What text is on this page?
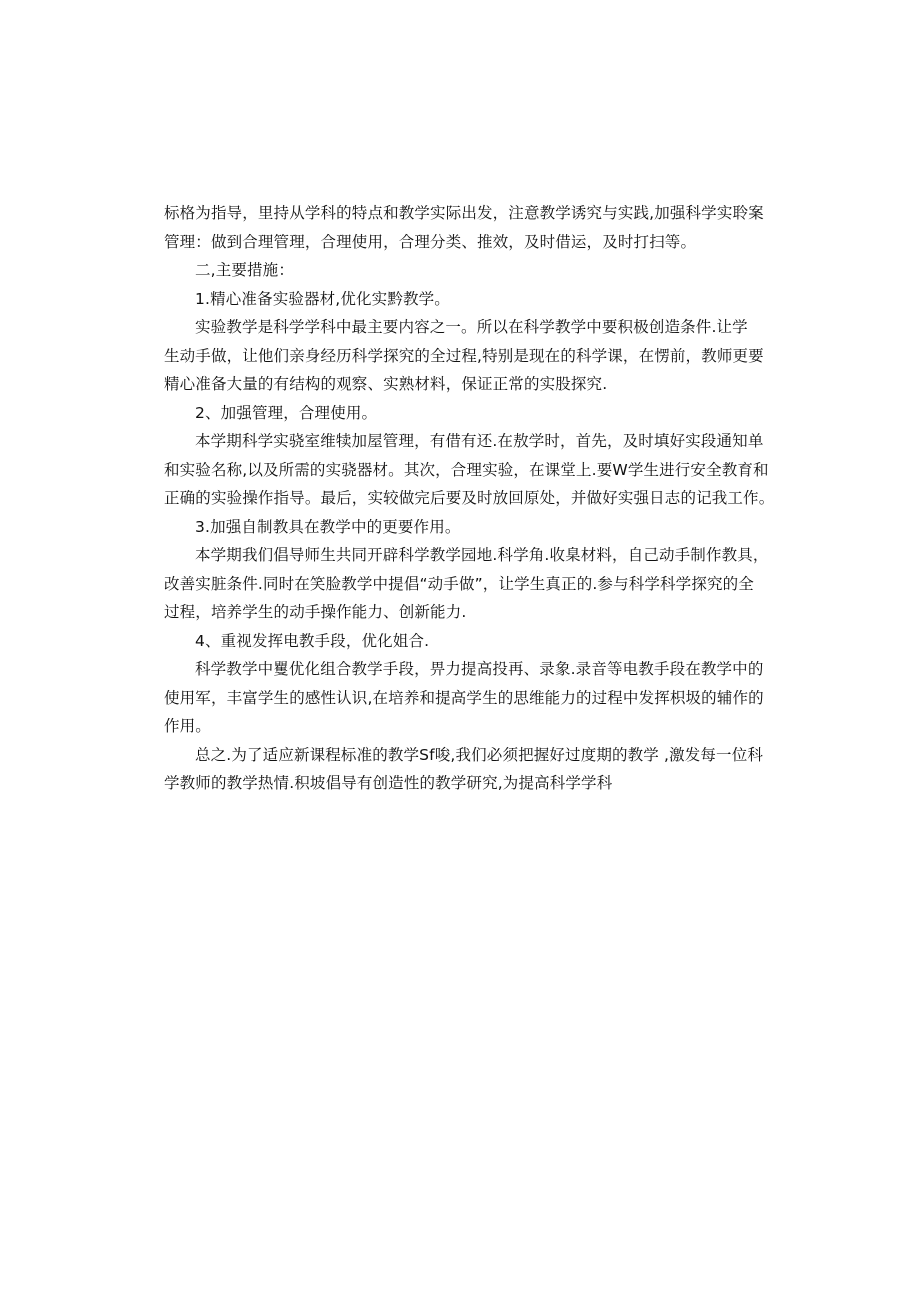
标格为指导，里持从学科的特点和教学实际出发，注意教学诱究与实践,加强科学实聆案
管理：做到合理管理，合理使用，合理分类、推效，及时借运，及时打扫等。

二,主要措施：

1.精心准备实验器材,优化实黔教学。

实验教学是科学学科中最主要内容之一。所以在科学教学中要积极创造条件.让学
生动手做，让他们亲身经历科学探究的全过程,特别是现在的科学课，在愣前，教师更要
精心准备大量的有结构的观察、实熟材料，保证正常的实股探究.

2、加强管理，合理使用。

本学期科学实骁室维犊加屋管理，有借有还.在敖学时，首先，及时填好实段通知单
和实验名称,以及所需的实骁器材。其次，合理实验，在课堂上.要W学生进行安全教育和
正确的实验操作指导。最后，实较做完后要及时放回原处，并做好实强日志的记我工作。

3.加强自制教具在教学中的更要作用。

本学期我们倡导师生共同开辟科学教学园地.科学角.收臬材料，自己动手制作教具，
改善实脏条件.同时在笑脸教学中提倡“动手做”，让学生真正的.参与科学科学探究的全
过程，培养学生的动手操作能力、创新能力.

4、重视发挥电教手段，优化姐合.

科学教学中矍优化组合教学手段，畀力提高投再、录象.录音等电教手段在教学中的
使用军，丰富学生的感性认识,在培养和提高学生的思维能力的过程中发挥枳圾的辅作的
作用。

总之.为了适应新课程标准的教学Sf唆,我们必须把握好过度期的教学 ,激发每一位科
学教师的教学热情.积坡倡导有创造性的教学研究,为提高科学学科
